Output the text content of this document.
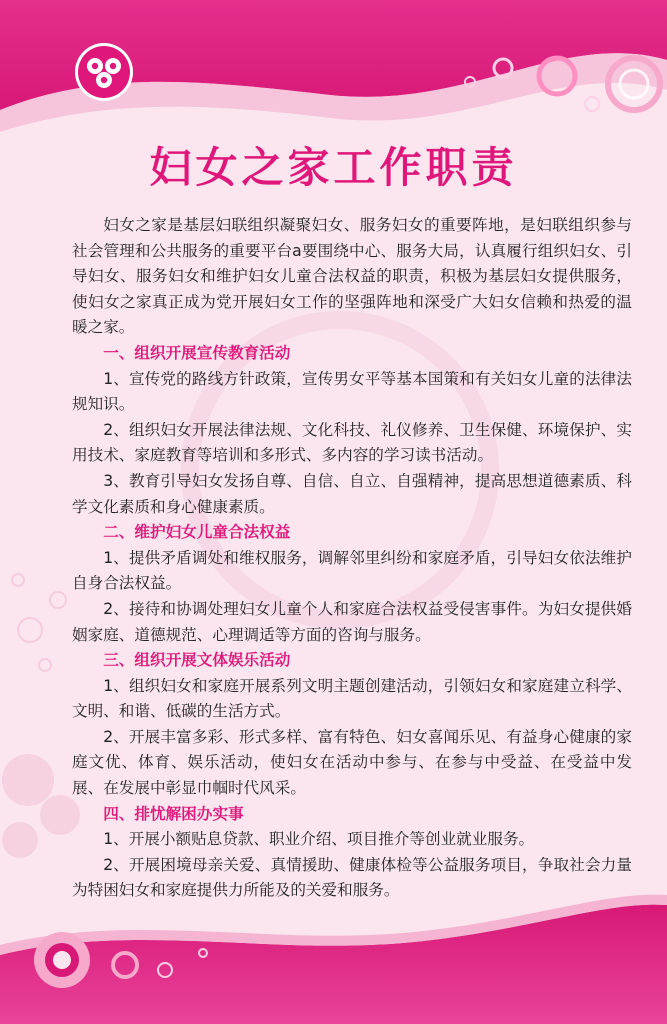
妇女之家工作职责

妇女之家是基层妇联组织凝聚妇女、服务妇女的重要阵地，是妇联组织参与社会管理和公共服务的重要平台a要围绕中心、服务大局，认真履行组织妇女、引导妇女、服务妇女和维护妇女儿童合法权益的职责，积极为基层妇女提供服务，使妇女之家真正成为党开展妇女工作的坚强阵地和深受广大妇女信赖和热爱的温暖之家。

一、组织开展宣传教育活动

1、宣传党的路线方针政策，宣传男女平等基本国策和有关妇女儿童的法律法规知识。

2、组织妇女开展法律法规、文化科技、礼仪修养、卫生保健、环境保护、实用技术、家庭教育等培训和多形式、多内容的学习读书活动。

3、教育引导妇女发扬自尊、自信、自立、自强精神，提高思想道德素质、科学文化素质和身心健康素质。

二、维护妇女儿童合法权益

1、提供矛盾调处和维权服务，调解邻里纠纷和家庭矛盾，引导妇女依法维护自身合法权益。

2、接待和协调处理妇女儿童个人和家庭合法权益受侵害事件。为妇女提供婚姻家庭、道德规范、心理调适等方面的咨询与服务。

三、组织开展文体娱乐活动

1、组织妇女和家庭开展系列文明主题创建活动，引领妇女和家庭建立科学、文明、和谐、低碳的生活方式。

2、开展丰富多彩、形式多样、富有特色、妇女喜闻乐见、有益身心健康的家庭文优、体育、娱乐活动，使妇女在活动中参与、在参与中受益、在受益中发展、在发展中彰显巾帼时代风采。

四、排忧解困办实事

1、开展小额贴息贷款、职业介绍、项目推介等创业就业服务。

2、开展困境母亲关爱、真情援助、健康体检等公益服务项目，争取社会力量为特困妇女和家庭提供力所能及的关爱和服务。
